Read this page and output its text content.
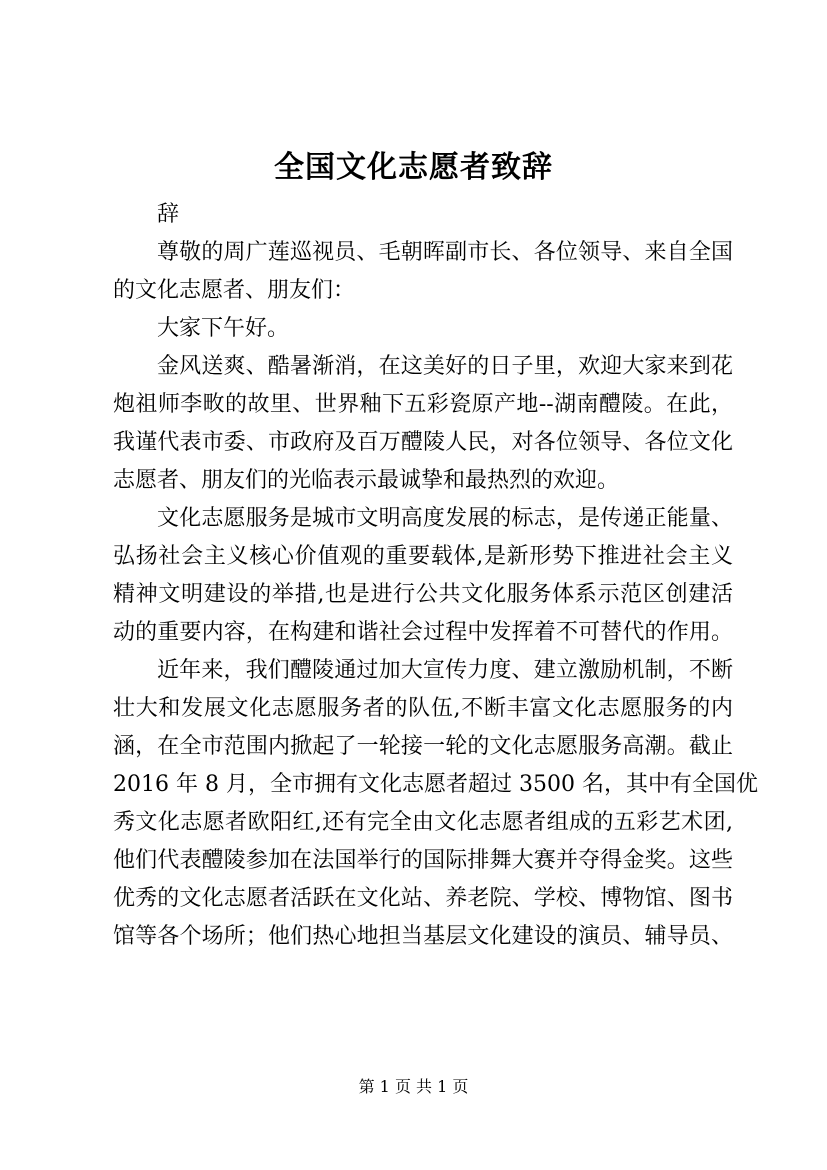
全国文化志愿者致辞
辞
尊敬的周广莲巡视员、毛朝晖副市长、各位领导、来自全国
的文化志愿者、朋友们：
大家下午好。
金风送爽、酷暑渐消，在这美好的日子里，欢迎大家来到花
炮祖师李畋的故里、世界釉下五彩瓷原产地--湖南醴陵。在此，
我谨代表市委、市政府及百万醴陵人民，对各位领导、各位文化
志愿者、朋友们的光临表示最诚挚和最热烈的欢迎。
文化志愿服务是城市文明高度发展的标志，是传递正能量、
弘扬社会主义核心价值观的重要载体,是新形势下推进社会主义
精神文明建设的举措,也是进行公共文化服务体系示范区创建活
动的重要内容，在构建和谐社会过程中发挥着不可替代的作用。
近年来，我们醴陵通过加大宣传力度、建立激励机制，不断
壮大和发展文化志愿服务者的队伍,不断丰富文化志愿服务的内
涵，在全市范围内掀起了一轮接一轮的文化志愿服务高潮。截止
2016 年 8 月，全市拥有文化志愿者超过 3500 名，其中有全国优
秀文化志愿者欧阳红,还有完全由文化志愿者组成的五彩艺术团,
他们代表醴陵参加在法国举行的国际排舞大赛并夺得金奖。这些
优秀的文化志愿者活跃在文化站、养老院、学校、博物馆、图书
馆等各个场所；他们热心地担当基层文化建设的演员、辅导员、
第 1 页 共 1 页
